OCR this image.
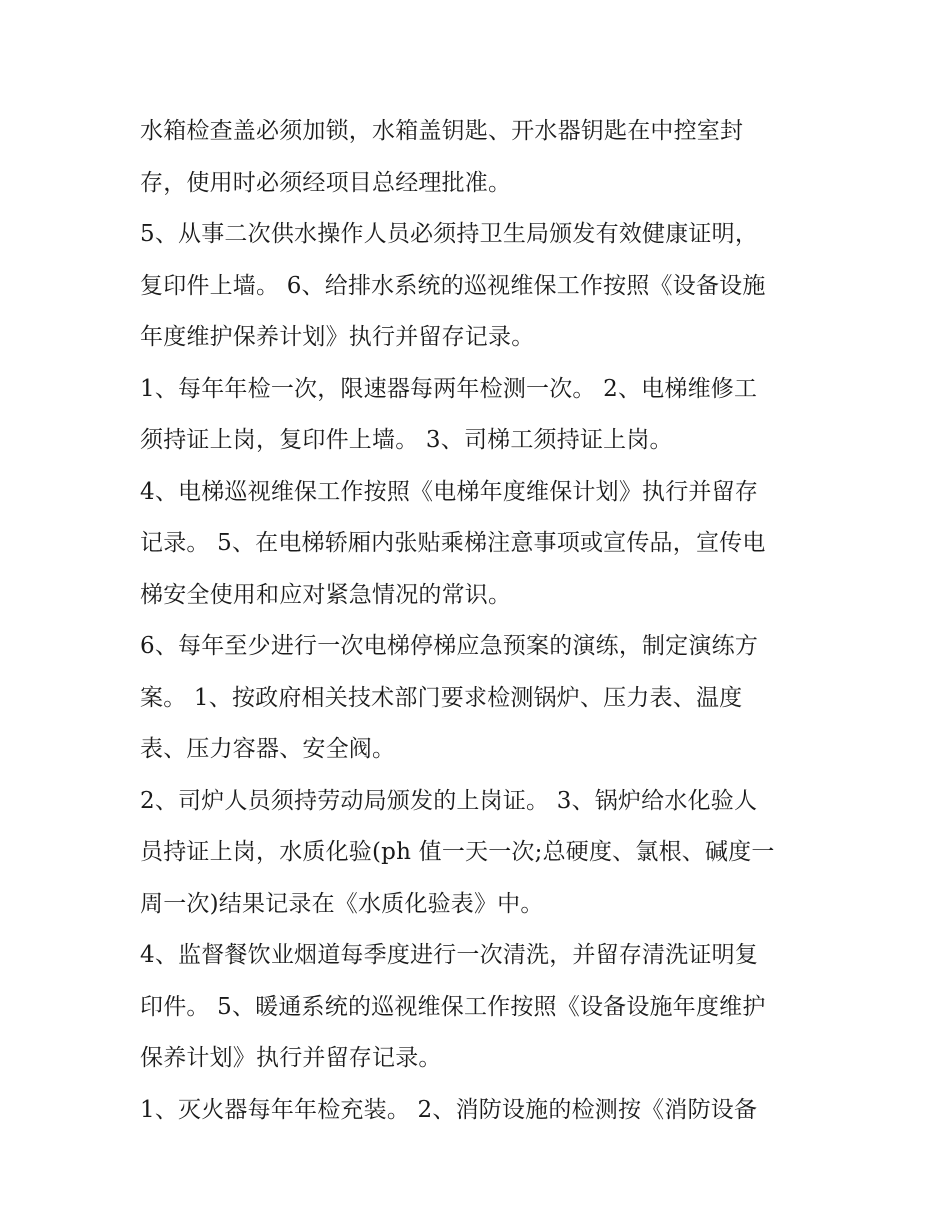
水箱检查盖必须加锁，水箱盖钥匙、开水器钥匙在中控室封
存，使用时必须经项目总经理批准。
5、从事二次供水操作人员必须持卫生局颁发有效健康证明，
复印件上墙。 6、给排水系统的巡视维保工作按照《设备设施
年度维护保养计划》执行并留存记录。
1、每年年检一次，限速器每两年检测一次。 2、电梯维修工
须持证上岗，复印件上墙。 3、司梯工须持证上岗。
4、电梯巡视维保工作按照《电梯年度维保计划》执行并留存
记录。 5、在电梯轿厢内张贴乘梯注意事项或宣传品，宣传电
梯安全使用和应对紧急情况的常识。
6、每年至少进行一次电梯停梯应急预案的演练，制定演练方
案。 1、按政府相关技术部门要求检测锅炉、压力表、温度
表、压力容器、安全阀。
2、司炉人员须持劳动局颁发的上岗证。 3、锅炉给水化验人
员持证上岗，水质化验(ph 值一天一次;总硬度、氯根、碱度一
周一次)结果记录在《水质化验表》中。
4、监督餐饮业烟道每季度进行一次清洗，并留存清洗证明复
印件。 5、暖通系统的巡视维保工作按照《设备设施年度维护
保养计划》执行并留存记录。
1、灭火器每年年检充装。 2、消防设施的检测按《消防设备
